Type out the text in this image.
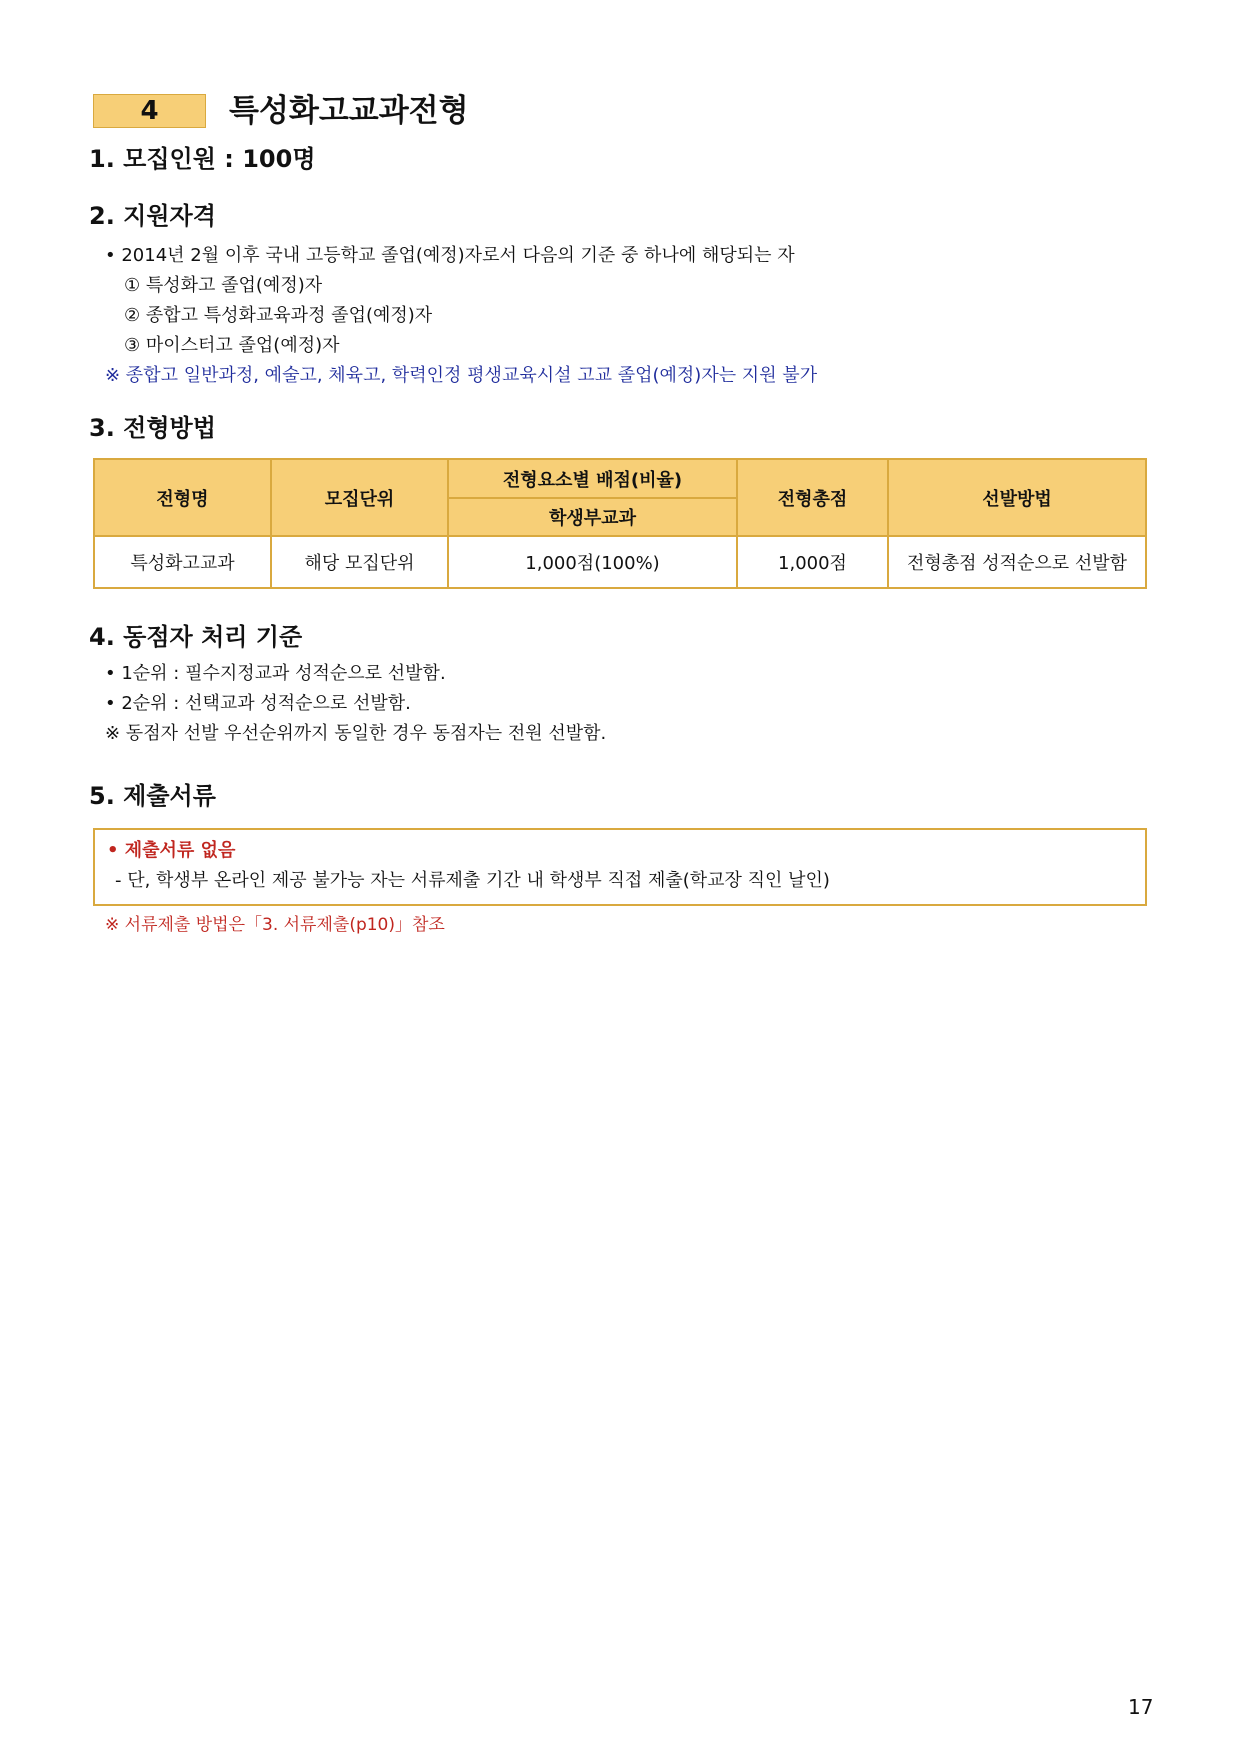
4	특성화고교과전형
1. 모집인원 : 100명
2. 지원자격
• 2014년 2월 이후 국내 고등학교 졸업(예정)자로서 다음의 기준 중 하나에 해당되는 자
① 특성화고 졸업(예정)자
② 종합고 특성화교육과정 졸업(예정)자
③ 마이스터고 졸업(예정)자
※ 종합고 일반과정, 예술고, 체육고, 학력인정 평생교육시설 고교 졸업(예정)자는 지원 불가
3. 전형방법
전형명	모집단위	전형요소별 배점(비율)	전형총점	선발방법
		학생부교과		
특성화고교과	해당 모집단위	1,000점(100%)	1,000점	전형총점 성적순으로 선발함
4. 동점자 처리 기준
• 1순위 : 필수지정교과 성적순으로 선발함.
• 2순위 : 선택교과 성적순으로 선발함.
※ 동점자 선발 우선순위까지 동일한 경우 동점자는 전원 선발함.
5. 제출서류
• 제출서류 없음
- 단, 학생부 온라인 제공 불가능 자는 서류제출 기간 내 학생부 직접 제출(학교장 직인 날인)
※ 서류제출 방법은「3. 서류제출(p10)」참조
17
